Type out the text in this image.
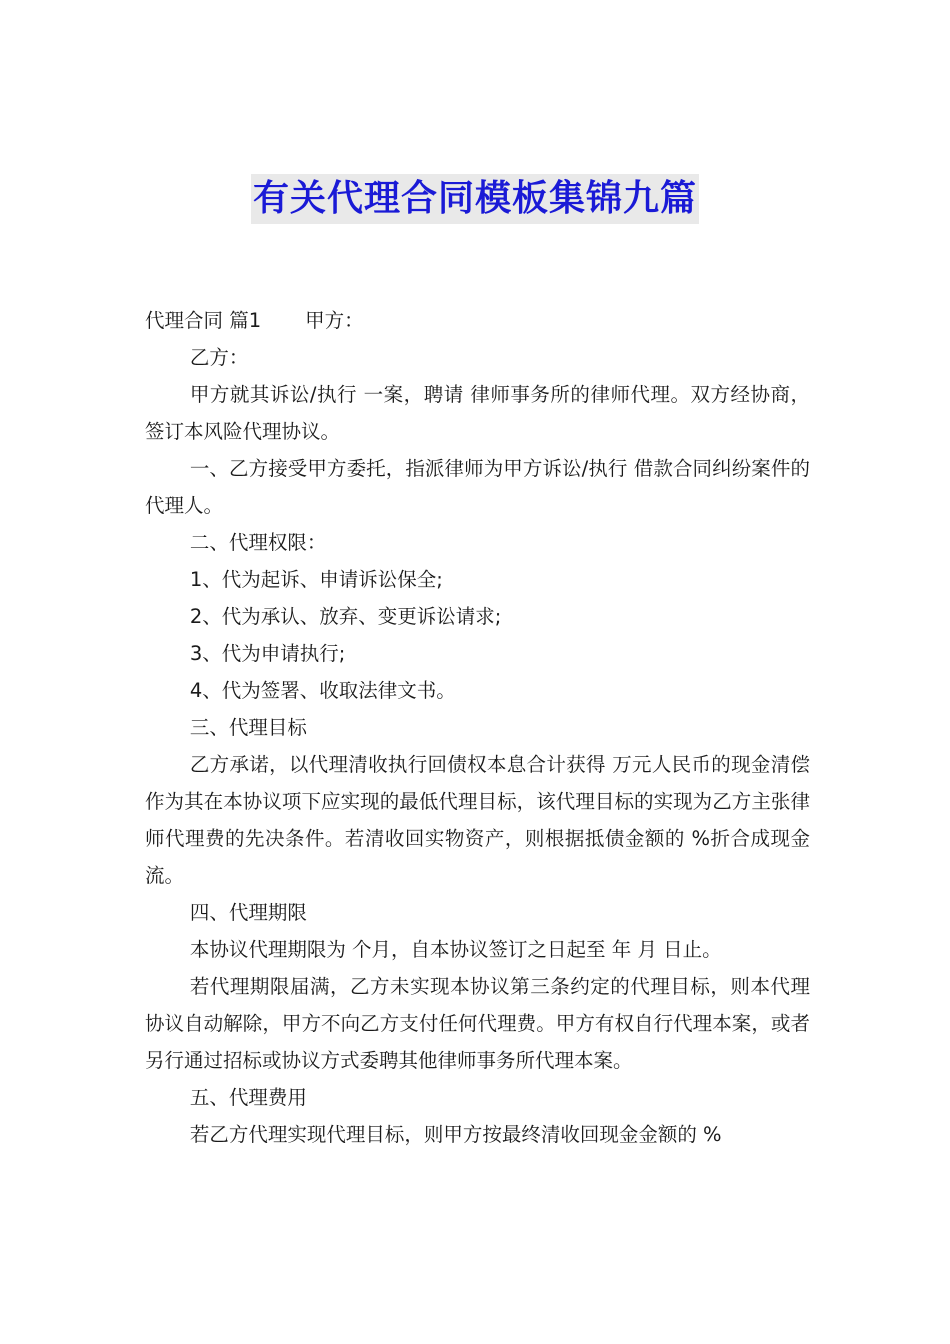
有关代理合同模板集锦九篇

代理合同 篇1 甲方：

乙方：

甲方就其诉讼/执行 一案，聘请 律师事务所的律师代理。双方经协商，签订本风险代理协议。

一、乙方接受甲方委托，指派律师为甲方诉讼/执行 借款合同纠纷案件的代理人。

二、代理权限：

1、代为起诉、申请诉讼保全;

2、代为承认、放弃、变更诉讼请求;

3、代为申请执行;

4、代为签署、收取法律文书。

三、代理目标

乙方承诺，以代理清收执行回债权本息合计获得 万元人民币的现金清偿作为其在本协议项下应实现的最低代理目标，该代理目标的实现为乙方主张律师代理费的先决条件。若清收回实物资产，则根据抵债金额的 %折合成现金流。

四、代理期限

本协议代理期限为 个月，自本协议签订之日起至 年 月 日止。

若代理期限届满，乙方未实现本协议第三条约定的代理目标，则本代理协议自动解除，甲方不向乙方支付任何代理费。甲方有权自行代理本案，或者另行通过招标或协议方式委聘其他律师事务所代理本案。

五、代理费用

若乙方代理实现代理目标，则甲方按最终清收回现金金额的 %
